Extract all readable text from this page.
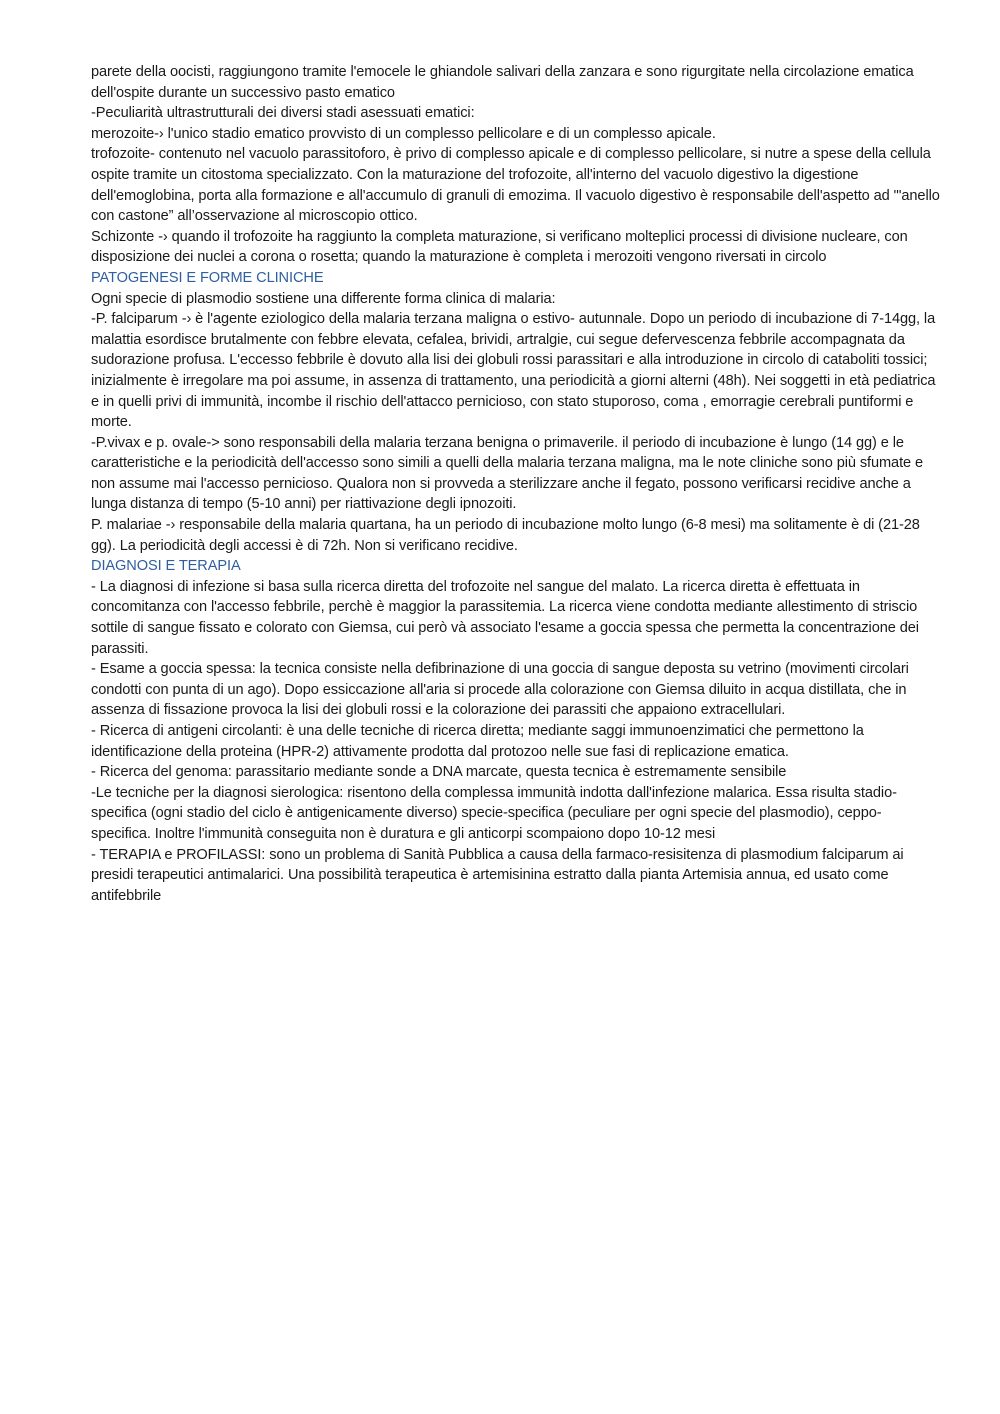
parete della oocisti, raggiungono tramite l'emocele le ghiandole salivari della zanzara e sono rigurgitate nella circolazione ematica dell'ospite durante un successivo pasto ematico

-Peculiarità ultrastrutturali dei diversi stadi asessuati ematici:

merozoite-› l'unico stadio ematico provvisto di un complesso pellicolare e di un complesso apicale.

trofozoite- contenuto nel vacuolo parassitoforo, è privo di complesso apicale e di complesso pellicolare, si nutre a spese della cellula ospite tramite un citostoma specializzato. Con la maturazione del trofozoite, all'interno del vacuolo digestivo la digestione dell'emoglobina, porta alla formazione e all'accumulo di granuli di emozima. Il vacuolo digestivo è responsabile dell'aspetto ad "'anello con castone” all’osservazione al microscopio ottico.

Schizonte -› quando il trofozoite ha raggiunto la completa maturazione, si verificano molteplici processi di divisione nucleare, con disposizione dei nuclei a corona o rosetta; quando la maturazione è completa i merozoiti vengono riversati in circolo

PATOGENESI E FORME CLINICHE

Ogni specie di plasmodio sostiene una differente forma clinica di malaria:

-P. falciparum -› è l'agente eziologico della malaria terzana maligna o estivo- autunnale. Dopo un periodo di incubazione di 7-14gg, la malattia esordisce brutalmente con febbre elevata, cefalea, brividi, artralgie, cui segue defervescenza febbrile accompagnata da sudorazione profusa. L'eccesso febbrile è dovuto alla lisi dei globuli rossi parassitari e alla introduzione in circolo di cataboliti tossici; inizialmente è irregolare ma poi assume, in assenza di trattamento, una periodicità a giorni alterni (48h). Nei soggetti in età pediatrica e in quelli privi di immunità, incombe il rischio dell'attacco pernicioso, con stato stuporoso, coma , emorragie cerebrali puntiformi e morte.

-P.vivax e p. ovale-> sono responsabili della malaria terzana benigna o primaverile. il periodo di incubazione è lungo (14 gg) e le caratteristiche e la periodicità dell'accesso sono simili a quelli della malaria terzana maligna, ma le note cliniche sono più sfumate e non assume mai l'accesso pernicioso. Qualora non si provveda a sterilizzare anche il fegato, possono verificarsi recidive anche a lunga distanza di tempo (5-10 anni) per riattivazione degli ipnozoiti.

P. malariae -› responsabile della malaria quartana, ha un periodo di incubazione molto lungo (6-8 mesi) ma solitamente è di (21-28 gg). La periodicità degli accessi è di 72h. Non si verificano recidive.

DIAGNOSI E TERAPIA

- La diagnosi di infezione si basa sulla ricerca diretta del trofozoite nel sangue del malato. La ricerca diretta è effettuata in concomitanza con l'accesso febbrile, perchè è maggior la parassitemia. La ricerca viene condotta mediante allestimento di striscio sottile di sangue fissato e colorato con Giemsa, cui però và associato l'esame a goccia spessa che permetta la concentrazione dei parassiti.

- Esame a goccia spessa: la tecnica consiste nella defibrinazione di una goccia di sangue deposta su vetrino (movimenti circolari condotti con punta di un ago). Dopo essiccazione all'aria si procede alla colorazione con Giemsa diluito in acqua distillata, che in assenza di fissazione provoca la lisi dei globuli rossi e la colorazione dei parassiti che appaiono extracellulari.

- Ricerca di antigeni circolanti: è una delle tecniche di ricerca diretta; mediante saggi immunoenzimatici che permettono la identificazione della proteina (HPR-2) attivamente prodotta dal protozoo nelle sue fasi di replicazione ematica.

- Ricerca del genoma: parassitario mediante sonde a DNA marcate, questa tecnica è estremamente sensibile

-Le tecniche per la diagnosi sierologica: risentono della complessa immunità indotta dall'infezione malarica. Essa risulta stadio-specifica (ogni stadio del ciclo è antigenicamente diverso) specie-specifica (peculiare per ogni specie del plasmodio), ceppo-specifica. Inoltre l'immunità conseguita non è duratura e gli anticorpi scompaiono dopo 10-12 mesi

- TERAPIA e PROFILASSI: sono un problema di Sanità Pubblica a causa della farmaco-resisitenza di plasmodium falciparum ai presidi terapeutici antimalarici. Una possibilità terapeutica è artemisinina estratto dalla pianta Artemisia annua, ed usato come antifebbrile
